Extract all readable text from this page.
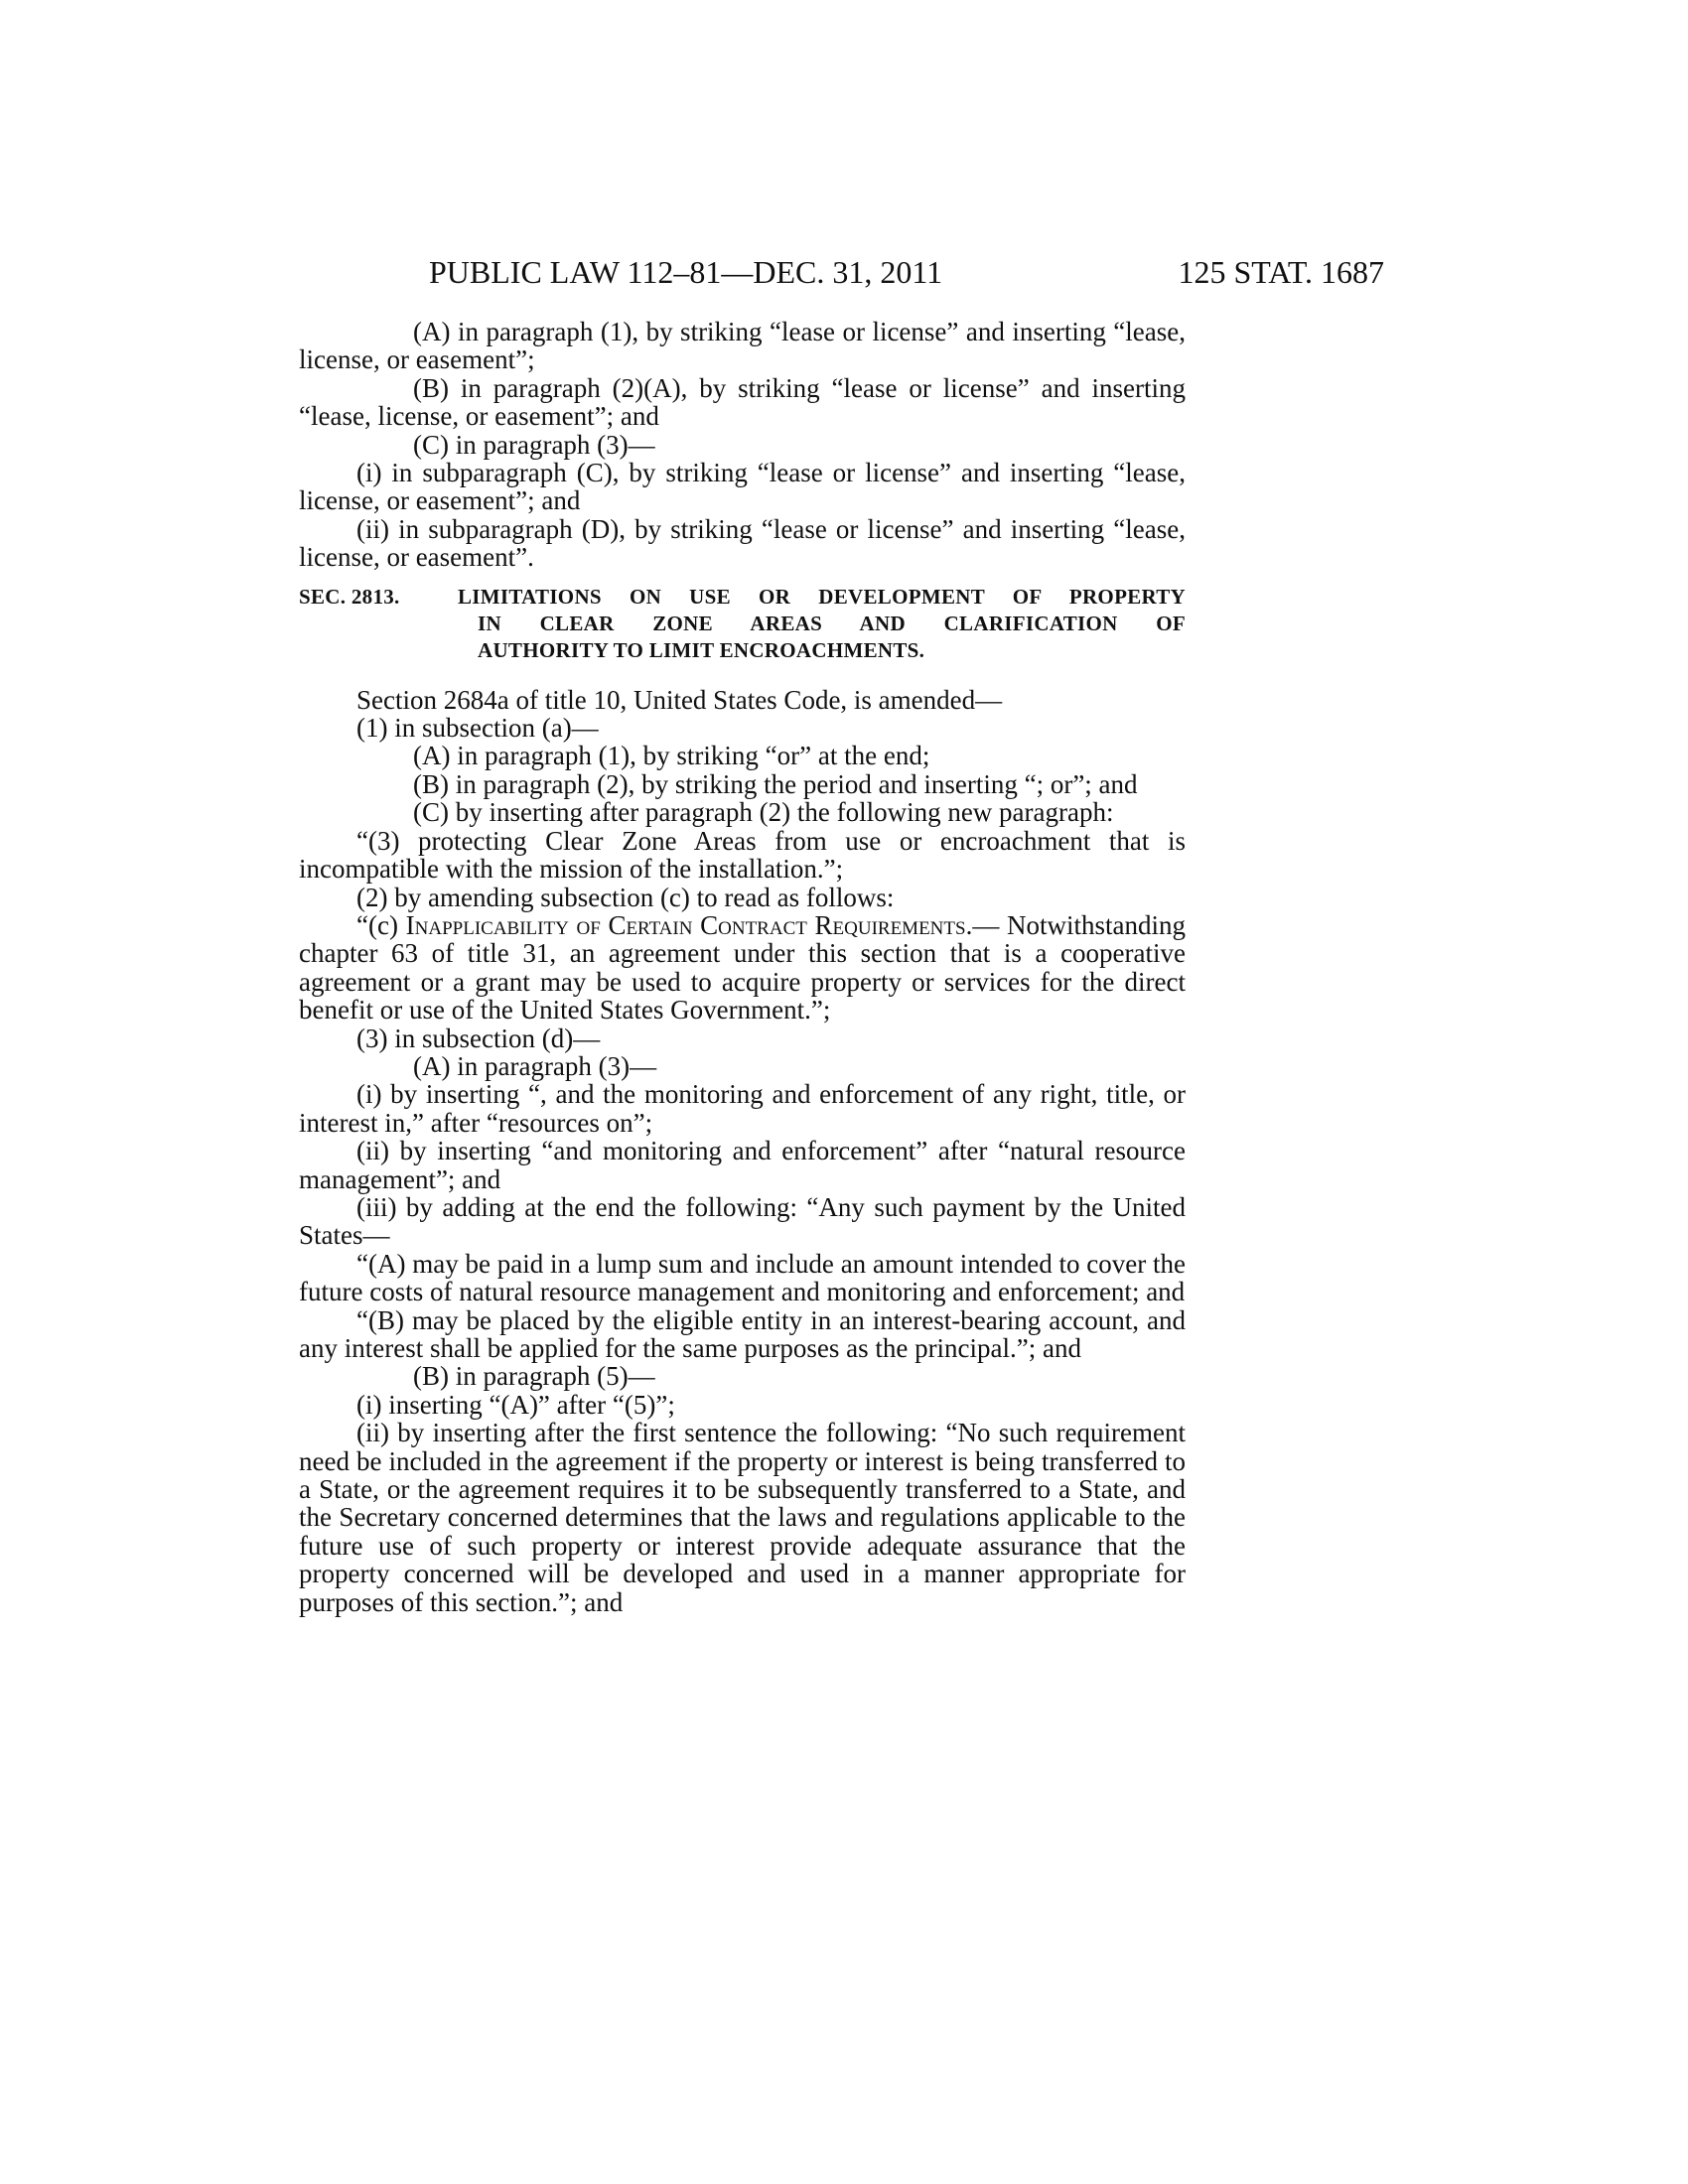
PUBLIC LAW 112–81—DEC. 31, 2011	125 STAT. 1687

(A) in paragraph (1), by striking “lease or license” and inserting “lease, license, or easement”;

(B) in paragraph (2)(A), by striking “lease or license” and inserting “lease, license, or easement”; and

(C) in paragraph (3)—

(i) in subparagraph (C), by striking “lease or license” and inserting “lease, license, or easement”; and

(ii) in subparagraph (D), by striking “lease or license” and inserting “lease, license, or easement”.

SEC. 2813.	LIMITATIONS ON USE OR DEVELOPMENT OF PROPERTY
IN CLEAR ZONE AREAS AND CLARIFICATION OF
AUTHORITY TO LIMIT ENCROACHMENTS.

Section 2684a of title 10, United States Code, is amended—

(1) in subsection (a)—

(A) in paragraph (1), by striking “or” at the end;

(B) in paragraph (2), by striking the period and inserting “; or”; and

(C) by inserting after paragraph (2) the following new paragraph:

“(3) protecting Clear Zone Areas from use or encroachment that is incompatible with the mission of the installation.”;

(2) by amending subsection (c) to read as follows:

“(c) Inapplicability of Certain Contract Requirements.— Notwithstanding chapter 63 of title 31, an agreement under this section that is a cooperative agreement or a grant may be used to acquire property or services for the direct benefit or use of the United States Government.”;

(3) in subsection (d)—

(A) in paragraph (3)—

(i) by inserting “, and the monitoring and enforcement of any right, title, or interest in,” after “resources on”;

(ii) by inserting “and monitoring and enforcement” after “natural resource management”; and

(iii) by adding at the end the following: “Any such payment by the United States—

“(A) may be paid in a lump sum and include an amount intended to cover the future costs of natural resource management and monitoring and enforcement; and

“(B) may be placed by the eligible entity in an interest-bearing account, and any interest shall be applied for the same purposes as the principal.”; and

(B) in paragraph (5)—

(i) inserting “(A)” after “(5)”;

(ii) by inserting after the first sentence the following: “No such requirement need be included in the agreement if the property or interest is being transferred to a State, or the agreement requires it to be subsequently transferred to a State, and the Secretary concerned determines that the laws and regulations applicable to the future use of such property or interest provide adequate assurance that the property concerned will be developed and used in a manner appropriate for purposes of this section.”; and
